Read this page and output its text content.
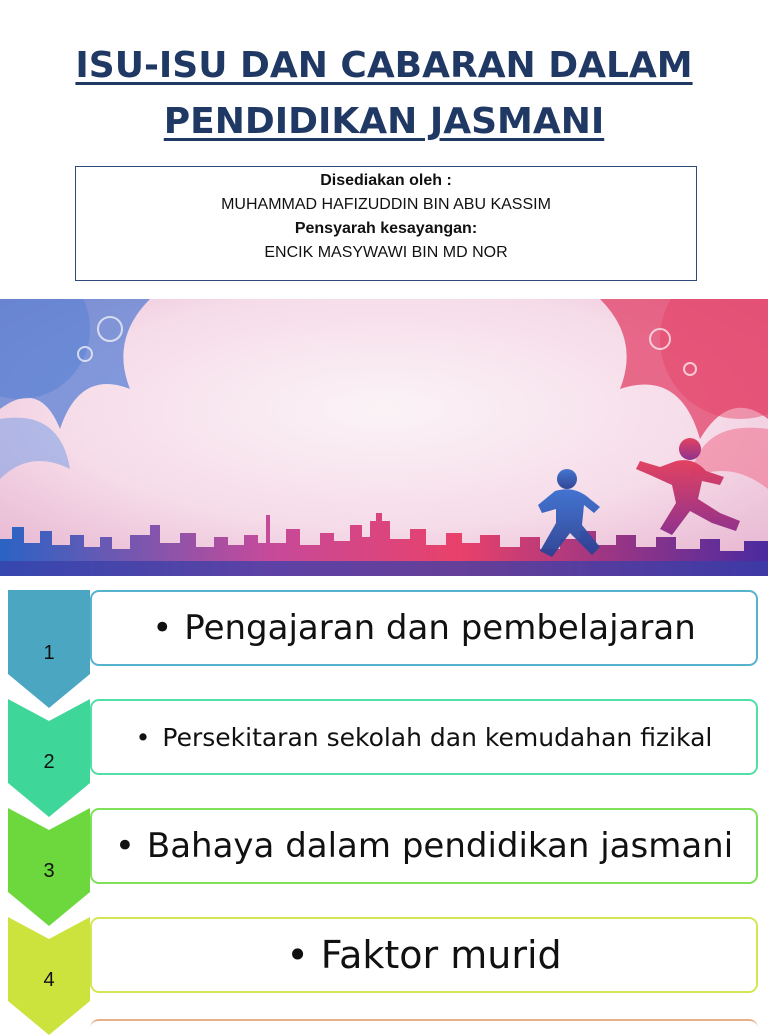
ISU-ISU DAN CABARAN DALAM
PENDIDIKAN JASMANI
Disediakan oleh :
MUHAMMAD HAFIZUDDIN BIN ABU KASSIM
Pensyarah kesayangan:
ENCIK MASYWAWI BIN MD NOR
1
• Pengajaran dan pembelajaran
2
• Persekitaran sekolah dan kemudahan fizikal
3
• Bahaya dalam pendidikan jasmani
4
• Faktor murid
